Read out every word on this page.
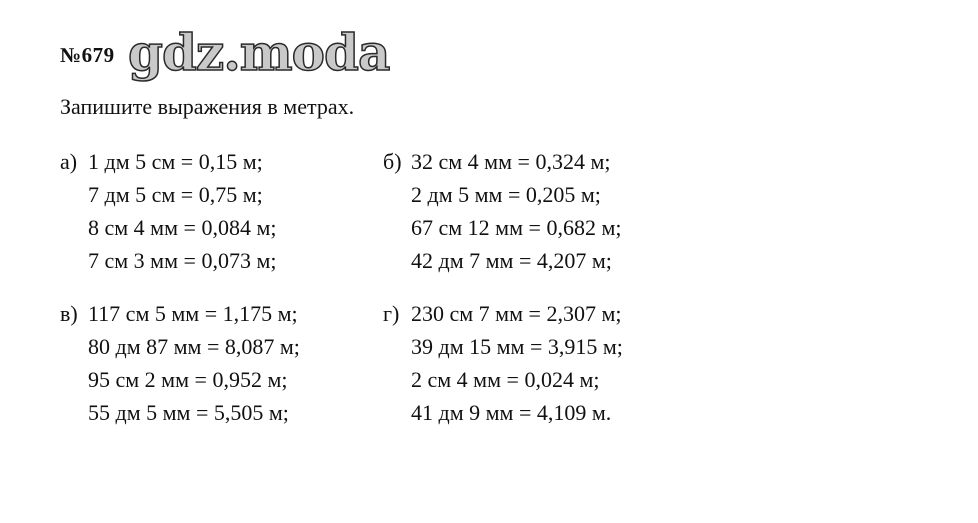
№679 gdz.moda
Запишите выражения в метрах.
а) 1 дм 5 см = 0,15 м;
7 дм 5 см = 0,75 м;
8 см 4 мм = 0,084 м;
7 см 3 мм = 0,073 м;
б) 32 см 4 мм = 0,324 м;
2 дм 5 мм = 0,205 м;
67 см 12 мм = 0,682 м;
42 дм 7 мм = 4,207 м;
в) 117 см 5 мм = 1,175 м;
80 дм 87 мм = 8,087 м;
95 см 2 мм = 0,952 м;
55 дм 5 мм = 5,505 м;
г) 230 см 7 мм = 2,307 м;
39 дм 15 мм = 3,915 м;
2 см 4 мм = 0,024 м;
41 дм 9 мм = 4,109 м.
